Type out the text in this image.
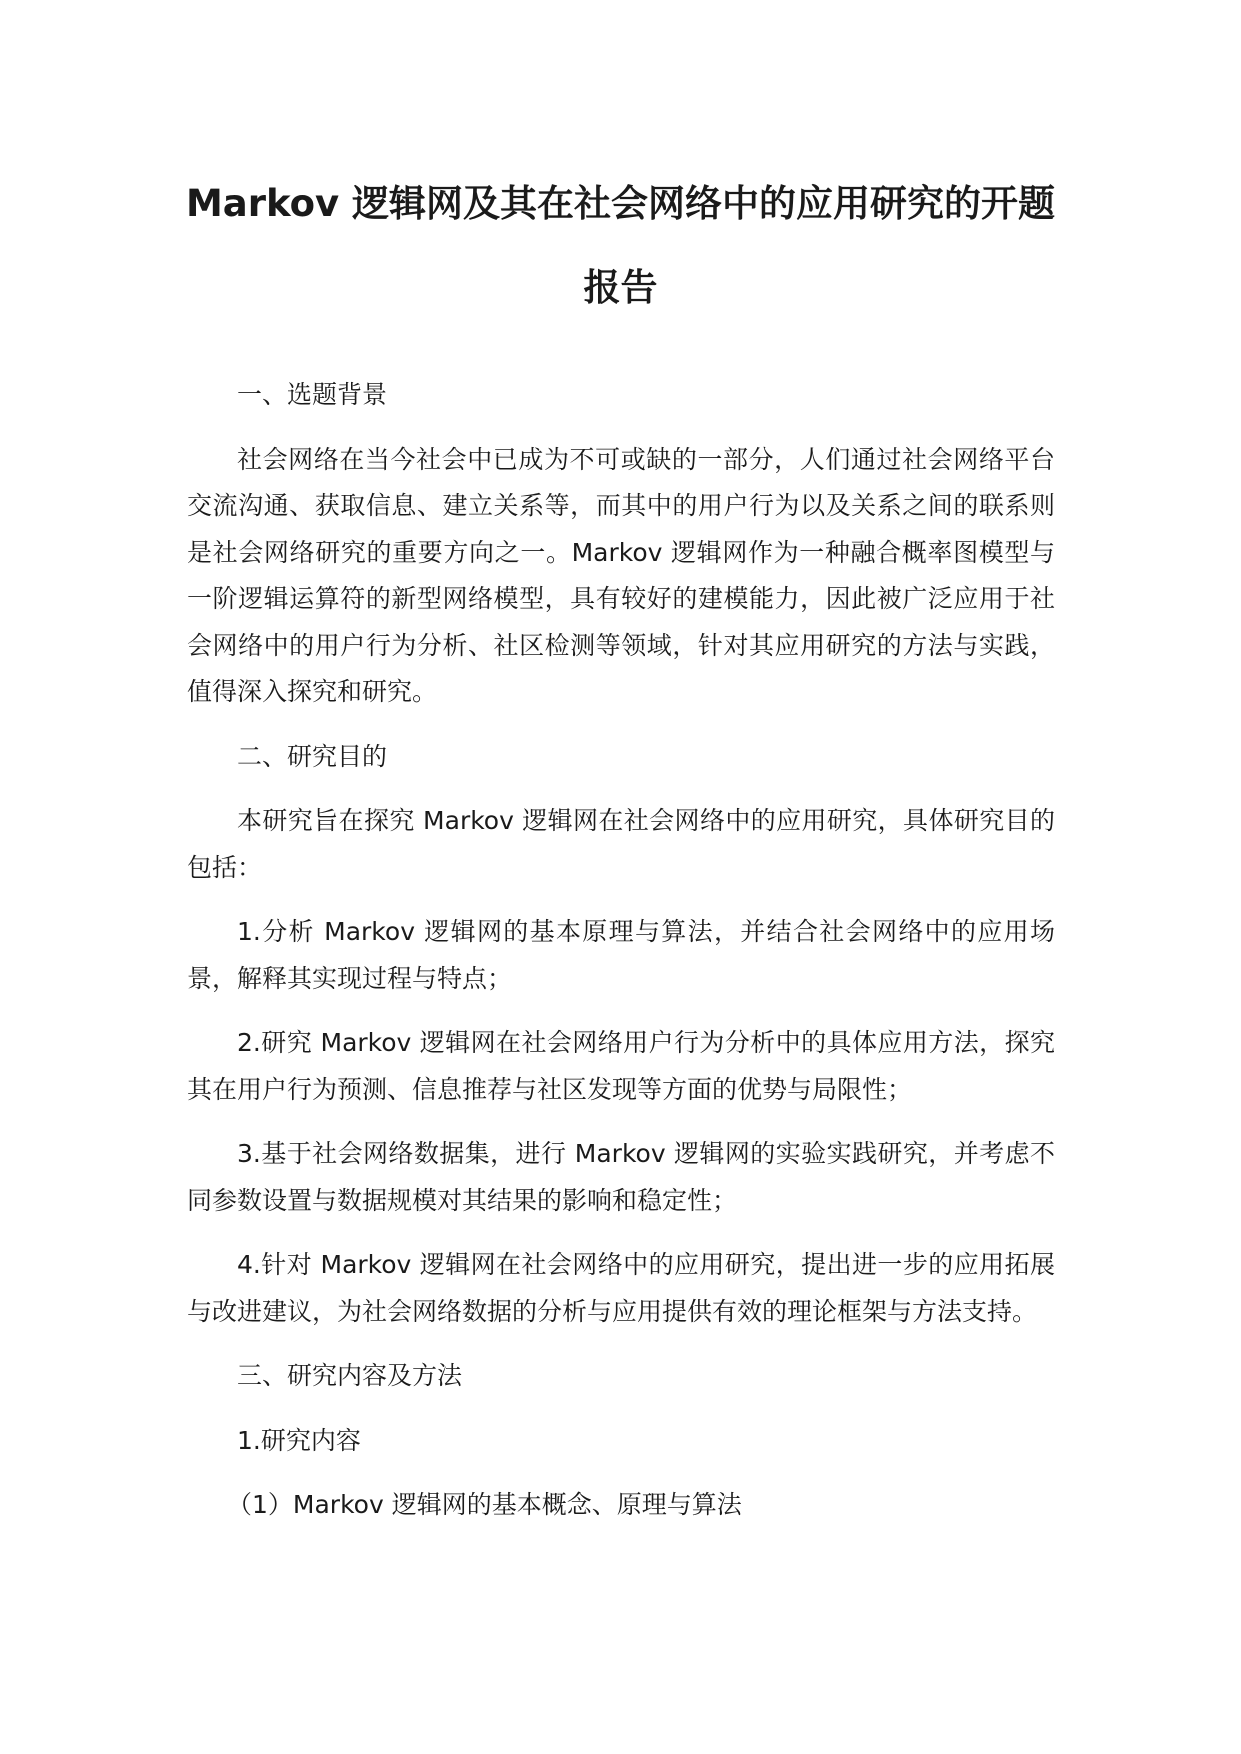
Markov 逻辑网及其在社会网络中的应用研究的开题
报告

一、选题背景

社会网络在当今社会中已成为不可或缺的一部分，人们通过社会网络平台交流沟通、获取信息、建立关系等，而其中的用户行为以及关系之间的联系则是社会网络研究的重要方向之一。Markov 逻辑网作为一种融合概率图模型与一阶逻辑运算符的新型网络模型，具有较好的建模能力，因此被广泛应用于社会网络中的用户行为分析、社区检测等领域，针对其应用研究的方法与实践，值得深入探究和研究。

二、研究目的

本研究旨在探究 Markov 逻辑网在社会网络中的应用研究，具体研究目的包括：

1.分析 Markov 逻辑网的基本原理与算法，并结合社会网络中的应用场景，解释其实现过程与特点；

2.研究 Markov 逻辑网在社会网络用户行为分析中的具体应用方法，探究其在用户行为预测、信息推荐与社区发现等方面的优势与局限性；

3.基于社会网络数据集，进行 Markov 逻辑网的实验实践研究，并考虑不同参数设置与数据规模对其结果的影响和稳定性；

4.针对 Markov 逻辑网在社会网络中的应用研究，提出进一步的应用拓展与改进建议，为社会网络数据的分析与应用提供有效的理论框架与方法支持。

三、研究内容及方法

1.研究内容

（1）Markov 逻辑网的基本概念、原理与算法
